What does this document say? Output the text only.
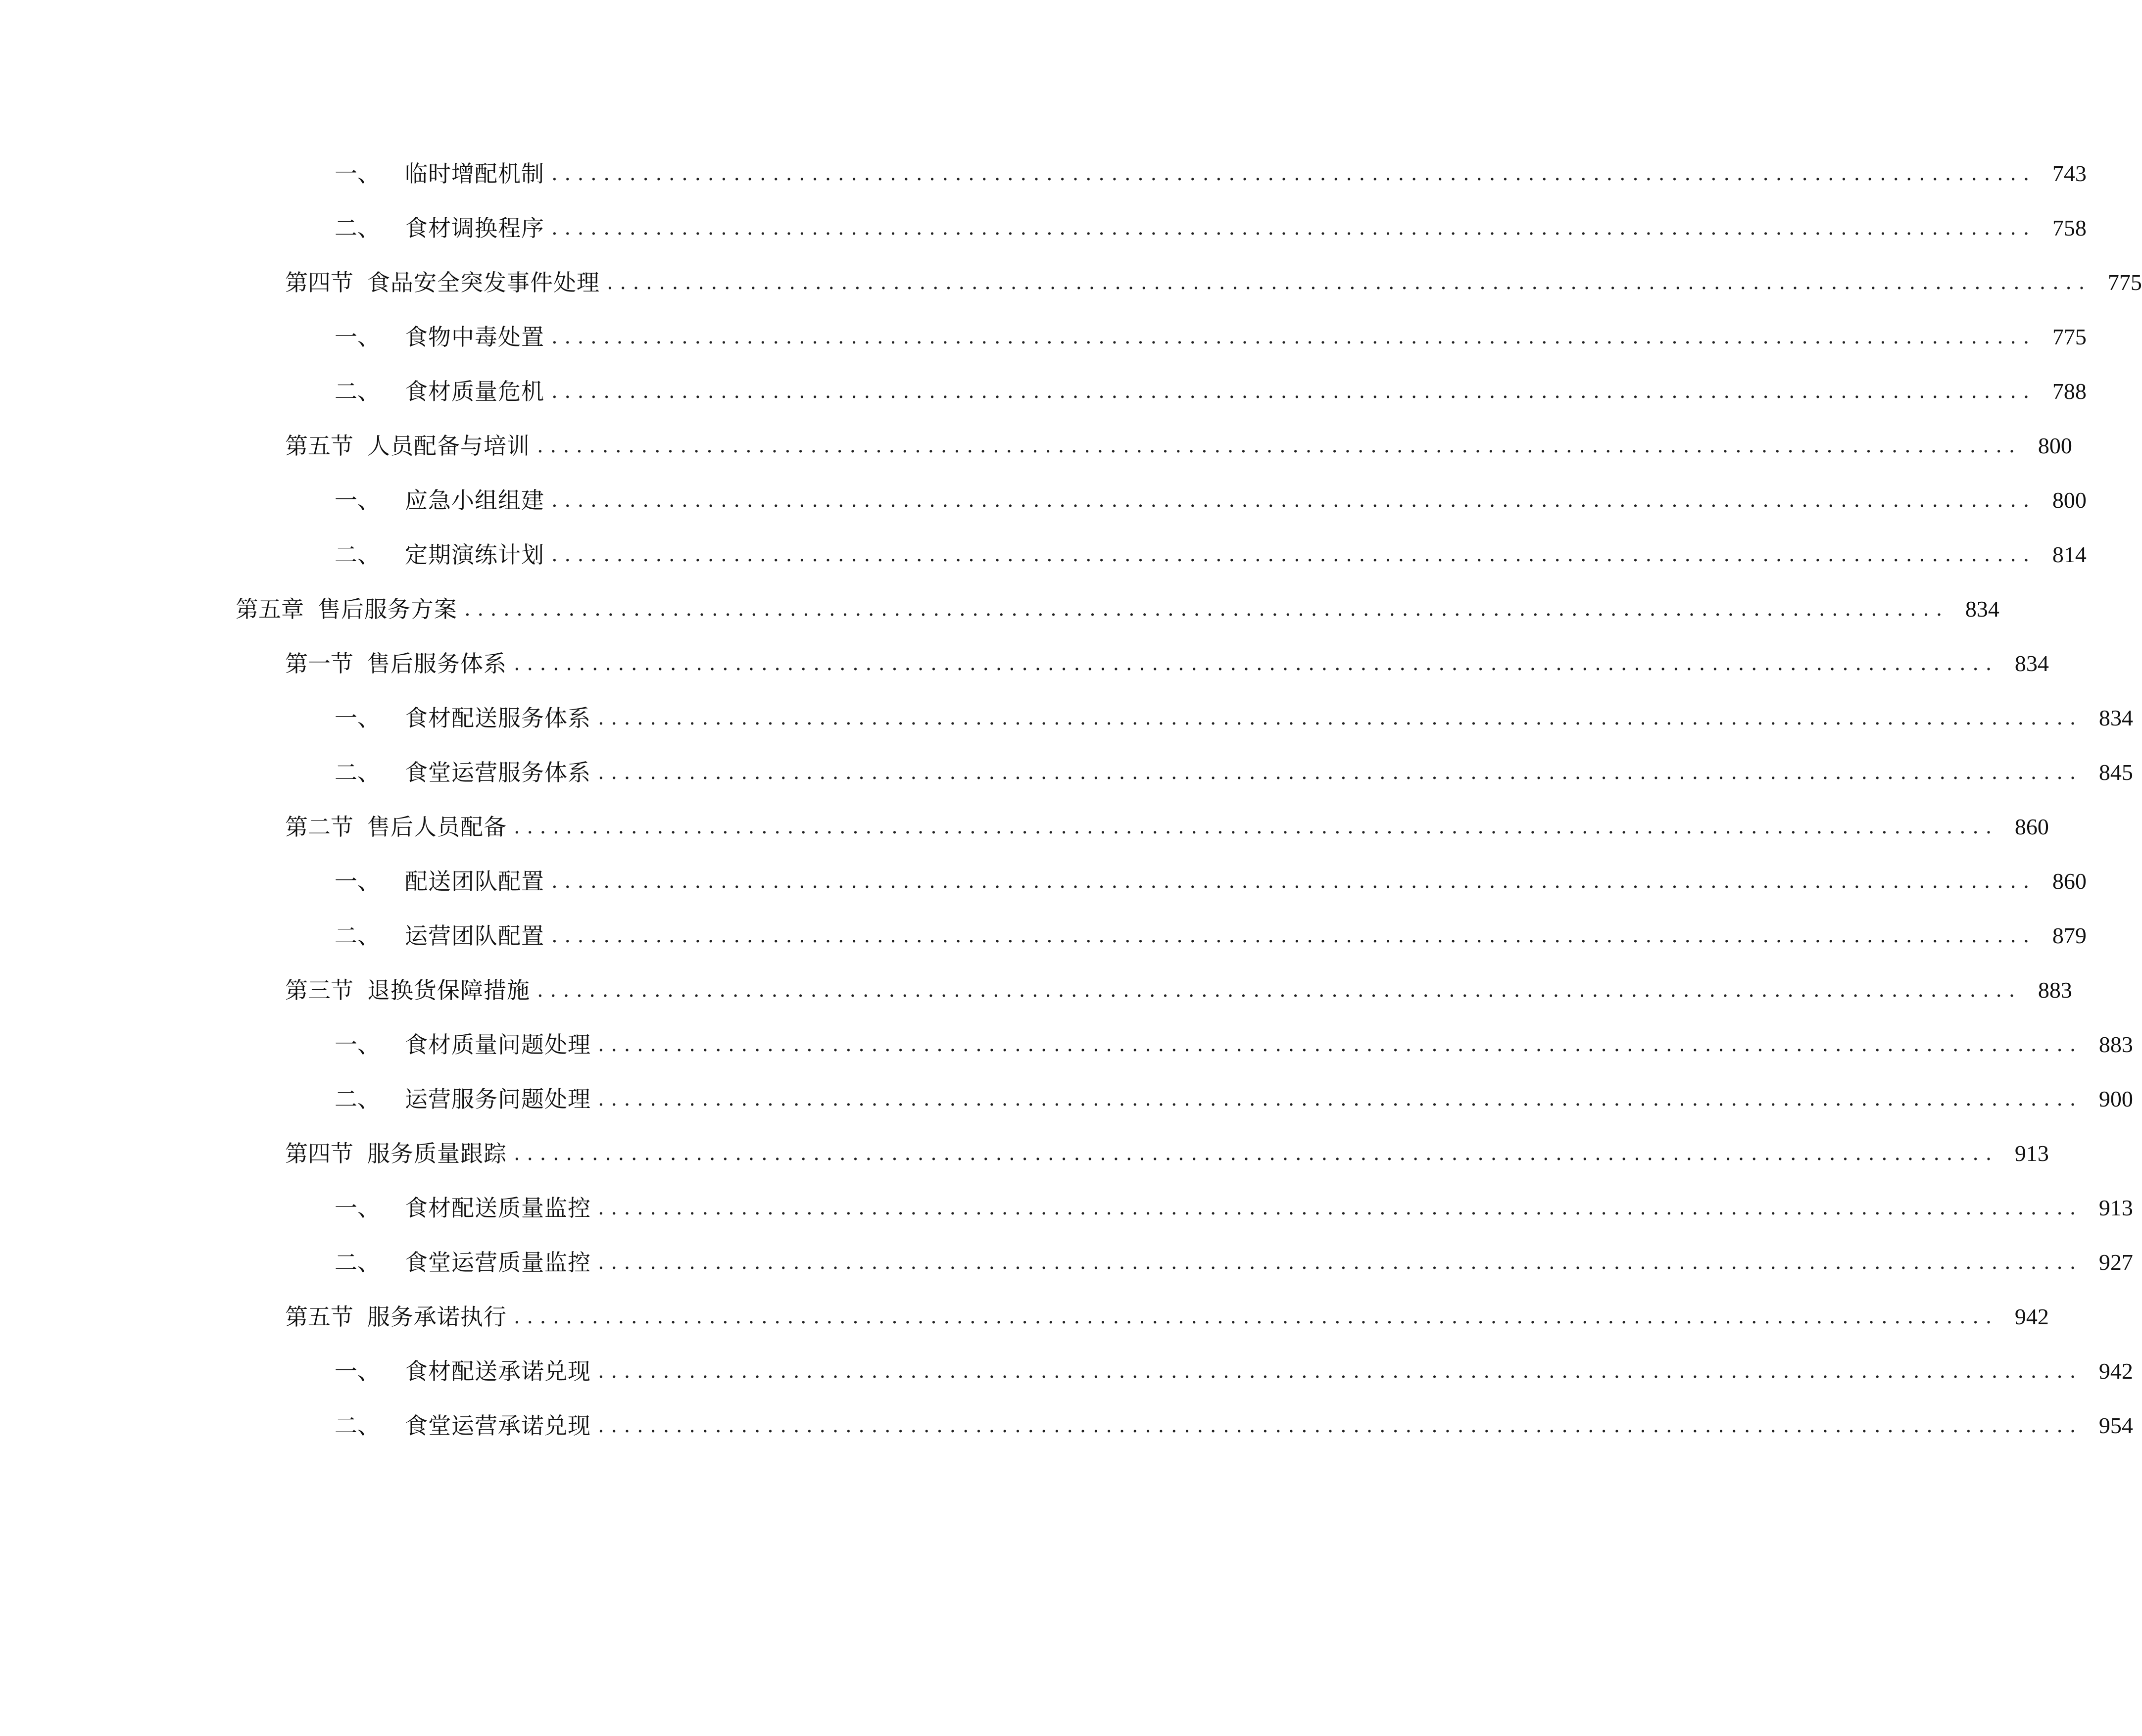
一、 临时增配机制 .................................................................................................................. 743
二、 食材调换程序 .................................................................................................................. 758
第四节 食品安全突发事件处理 .................................................................................................................. 775
一、 食物中毒处置 .................................................................................................................. 775
二、 食材质量危机 .................................................................................................................. 788
第五节 人员配备与培训 .................................................................................................................. 800
一、 应急小组组建 .................................................................................................................. 800
二、 定期演练计划 .................................................................................................................. 814
第五章 售后服务方案 .................................................................................................................. 834
第一节 售后服务体系 .................................................................................................................. 834
一、 食材配送服务体系 .................................................................................................................. 834
二、 食堂运营服务体系 .................................................................................................................. 845
第二节 售后人员配备 .................................................................................................................. 860
一、 配送团队配置 .................................................................................................................. 860
二、 运营团队配置 .................................................................................................................. 879
第三节 退换货保障措施 .................................................................................................................. 883
一、 食材质量问题处理 .................................................................................................................. 883
二、 运营服务问题处理 .................................................................................................................. 900
第四节 服务质量跟踪 .................................................................................................................. 913
一、 食材配送质量监控 .................................................................................................................. 913
二、 食堂运营质量监控 .................................................................................................................. 927
第五节 服务承诺执行 .................................................................................................................. 942
一、 食材配送承诺兑现 .................................................................................................................. 942
二、 食堂运营承诺兑现 .................................................................................................................. 954
